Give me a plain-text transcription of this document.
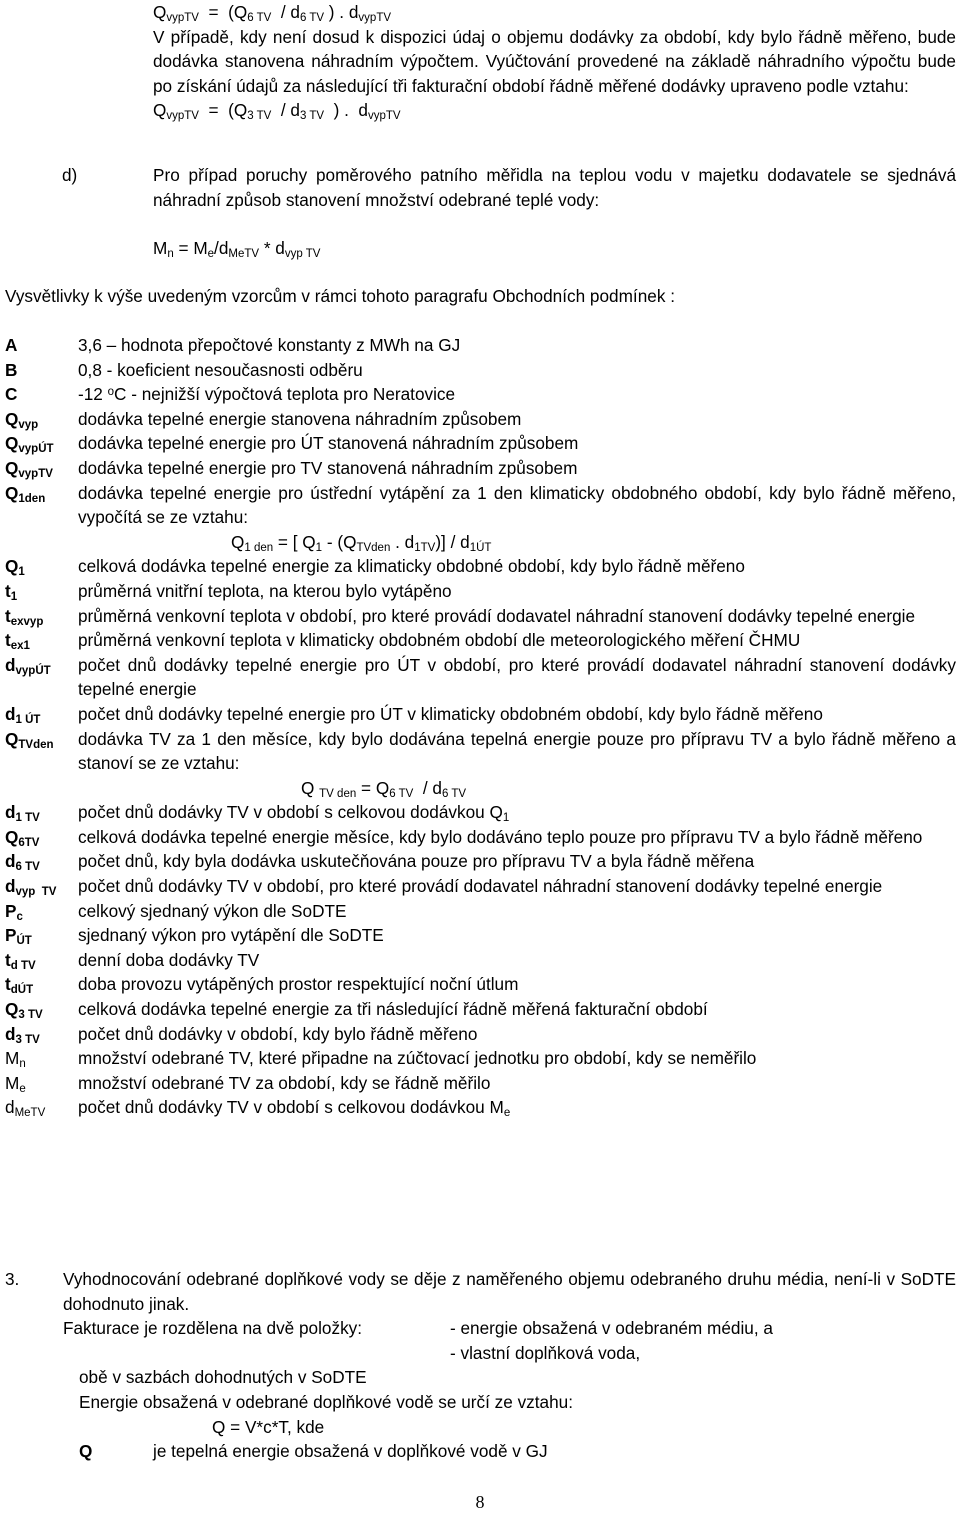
$Q_{vypTV} = (Q_{6 TV} / d_{6 TV}$ ) . $d_{vypTV}$

V případě, kdy není dosud k dispozici údaj o objemu dodávky za období, kdy bylo řádně měřeno, bude dodávka stanovena náhradním výpočtem. Vyúčtování provedené na základě náhradního výpočtu bude po získání údajů za následující tři fakturační období řádně měřené dodávky upraveno podle vztahu:

$Q_{vypTV} = (Q_{3 TV} / d_{3 TV}$  ) .  $d_{vypTV}$

d)	Pro případ poruchy poměrového patního měřidla na teplou vodu v majetku dodavatele se sjednává náhradní způsob stanovení množství odebrané teplé vody:

$M_n = M_e/d_{MeTV} * d_{vyp TV}$

Vysvětlivky k výše uvedeným vzorcům v rámci tohoto paragrafu Obchodních podmínek :

A	3,6 – hodnota přepočtové konstanty z MWh na GJ
B	0,8 - koeficient nesoučasnosti odběru
C	-12 $^o$C - nejnižší výpočtová teplota pro Neratovice
$Q_{vyp}$	dodávka tepelné energie stanovena náhradním způsobem
$Q_{vypÚT}$	dodávka tepelné energie pro ÚT stanovená náhradním způsobem
$Q_{vypTV}$	dodávka tepelné energie pro TV stanovená náhradním způsobem
$Q_{1den}$	dodávka tepelné energie pro ústřední vytápění za 1 den klimaticky obdobného období, kdy bylo řádně měřeno, vypočítá se ze vztahu:
$Q_{1 den}$ = [ $Q_1 - (Q_{TVden}$ . $d_{1TV})] / d_{1ÚT}$
$Q_1$	celková dodávka tepelné energie za klimaticky obdobné období, kdy bylo řádně měřeno
$t_1$	průměrná vnitřní teplota, na kterou bylo vytápěno
$t_{exvyp}$ průměrná venkovní teplota v období, pro které provádí dodavatel náhradní stanovení dodávky tepelné energie
$t_{ex1}$	průměrná venkovní teplota v klimaticky obdobném období dle meteorologického měření ČHMU
$d_{vypÚT}$	počet dnů dodávky tepelné energie pro ÚT v období, pro které provádí dodavatel náhradní stanovení dodávky tepelné energie
$d_{1 ÚT}$	počet dnů dodávky tepelné energie pro ÚT v klimaticky obdobném období, kdy bylo řádně měřeno
$Q_{TVden}$	dodávka TV za 1 den měsíce, kdy bylo dodávána tepelná energie pouze pro přípravu TV a bylo řádně měřeno a stanoví se ze vztahu:
Q $_{TV den} = Q_{6 TV} / d_{6 TV}$
$d_{1 TV}$	počet dnů dodávky TV v období s celkovou dodávkou $Q_1$
$Q_{6TV}$	celková dodávka tepelné energie měsíce, kdy bylo dodáváno teplo pouze pro přípravu TV a bylo řádně měřeno
$d_{6 TV}$	počet dnů, kdy byla dodávka uskutečňována pouze pro přípravu TV a byla řádně měřena
$d_{vyp TV}$ počet dnů dodávky TV v období, pro které provádí dodavatel náhradní stanovení dodávky tepelné energie
$P_c$	celkový sjednaný výkon dle SoDTE
$P_{ÚT}$	sjednaný výkon pro vytápění dle SoDTE
$t_{d TV}$	denní doba dodávky TV
$t_{dÚT}$	doba provozu vytápěných prostor respektující noční útlum
$Q_{3 TV}$	celková dodávka tepelné energie za tři následující řádně měřená fakturační období
$d_{3 TV}$	počet dnů dodávky v období, kdy bylo řádně měřeno
$M_n$	množství odebrané TV, které připadne na zúčtovací jednotku pro období, kdy se neměřilo
$M_e$	množství odebrané TV za období, kdy se řádně měřilo
$d_{MeTV}$	počet dnů dodávky TV v období s celkovou dodávkou $M_e$
3.	Vyhodnocování odebrané doplňkové vody se děje z naměřeného objemu odebraného druhu média, není-li v SoDTE dohodnuto jinak.

Fakturace je rozdělena na dvě položky:	- energie obsažená v odebraném médiu, a
- vlastní doplňková voda,
obě v sazbách dohodnutých v SoDTE
Energie obsažená v odebrané doplňkové vodě se určí ze vztahu:
Q = V*c*T, kde
Q	je tepelná energie obsažená v doplňkové vodě v GJ
8
